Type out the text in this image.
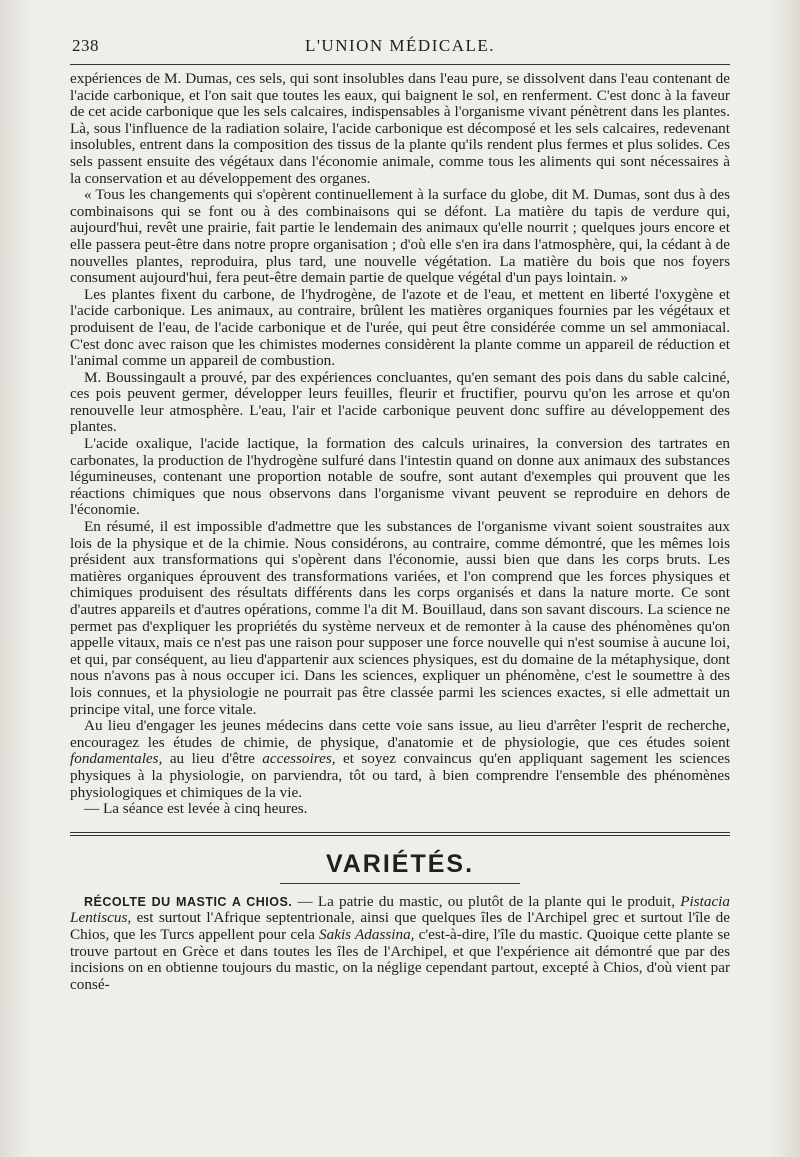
238	L'UNION MÉDICALE.

expériences de M. Dumas, ces sels, qui sont insolubles dans l'eau pure, se dissolvent dans l'eau contenant de l'acide carbonique, et l'on sait que toutes les eaux, qui baignent le sol, en renferment. C'est donc à la faveur de cet acide carbonique que les sels calcaires, indispensables à l'organisme vivant pénètrent dans les plantes. Là, sous l'influence de la radiation solaire, l'acide carbonique est décomposé et les sels calcaires, redevenant insolubles, entrent dans la composition des tissus de la plante qu'ils rendent plus fermes et plus solides. Ces sels passent ensuite des végétaux dans l'économie animale, comme tous les aliments qui sont nécessaires à la conservation et au développement des organes.

« Tous les changements qui s'opèrent continuellement à la surface du globe, dit M. Dumas, sont dus à des combinaisons qui se font ou à des combinaisons qui se défont. La matière du tapis de verdure qui, aujourd'hui, revêt une prairie, fait partie le lendemain des animaux qu'elle nourrit ; quelques jours encore et elle passera peut-être dans notre propre organisation ; d'où elle s'en ira dans l'atmosphère, qui, la cédant à de nouvelles plantes, reproduira, plus tard, une nouvelle végétation. La matière du bois que nos foyers consument aujourd'hui, fera peut-être demain partie de quelque végétal d'un pays lointain. »

Les plantes fixent du carbone, de l'hydrogène, de l'azote et de l'eau, et mettent en liberté l'oxygène et l'acide carbonique. Les animaux, au contraire, brûlent les matières organiques fournies par les végétaux et produisent de l'eau, de l'acide carbonique et de l'urée, qui peut être considérée comme un sel ammoniacal. C'est donc avec raison que les chimistes modernes considèrent la plante comme un appareil de réduction et l'animal comme un appareil de combustion.

M. Boussingault a prouvé, par des expériences concluantes, qu'en semant des pois dans du sable calciné, ces pois peuvent germer, développer leurs feuilles, fleurir et fructifier, pourvu qu'on les arrose et qu'on renouvelle leur atmosphère. L'eau, l'air et l'acide carbonique peuvent donc suffire au développement des plantes.

L'acide oxalique, l'acide lactique, la formation des calculs urinaires, la conversion des tartrates en carbonates, la production de l'hydrogène sulfuré dans l'intestin quand on donne aux animaux des substances légumineuses, contenant une proportion notable de soufre, sont autant d'exemples qui prouvent que les réactions chimiques que nous observons dans l'organisme vivant peuvent se reproduire en dehors de l'économie.

En résumé, il est impossible d'admettre que les substances de l'organisme vivant soient soustraites aux lois de la physique et de la chimie. Nous considérons, au contraire, comme démontré, que les mêmes lois président aux transformations qui s'opèrent dans l'économie, aussi bien que dans les corps bruts. Les matières organiques éprouvent des transformations variées, et l'on comprend que les forces physiques et chimiques produisent des résultats différents dans les corps organisés et dans la nature morte. Ce sont d'autres appareils et d'autres opérations, comme l'a dit M. Bouillaud, dans son savant discours. La science ne permet pas d'expliquer les propriétés du système nerveux et de remonter à la cause des phénomènes qu'on appelle vitaux, mais ce n'est pas une raison pour supposer une force nouvelle qui n'est soumise à aucune loi, et qui, par conséquent, au lieu d'appartenir aux sciences physiques, est du domaine de la métaphysique, dont nous n'avons pas à nous occuper ici. Dans les sciences, expliquer un phénomène, c'est le soumettre à des lois connues, et la physiologie ne pourrait pas être classée parmi les sciences exactes, si elle admettait un principe vital, une force vitale.

Au lieu d'engager les jeunes médecins dans cette voie sans issue, au lieu d'arrêter l'esprit de recherche, encouragez les études de chimie, de physique, d'anatomie et de physiologie, que ces études soient fondamentales, au lieu d'être accessoires, et soyez convaincus qu'en appliquant sagement les sciences physiques à la physiologie, on parviendra, tôt ou tard, à bien comprendre l'ensemble des phénomènes physiologiques et chimiques de la vie.

— La séance est levée à cinq heures.

VARIÉTÉS.

RÉCOLTE DU MASTIC A CHIOS. — La patrie du mastic, ou plutôt de la plante qui le produit, Pistacia Lentiscus, est surtout l'Afrique septentrionale, ainsi que quelques îles de l'Archipel grec et surtout l'île de Chios, que les Turcs appellent pour cela Sakis Adassina, c'est-à-dire, l'île du mastic. Quoique cette plante se trouve partout en Grèce et dans toutes les îles de l'Archipel, et que l'expérience ait démontré que par des incisions on en obtienne toujours du mastic, on la néglige cependant partout, excepté à Chios, d'où vient par consé-
